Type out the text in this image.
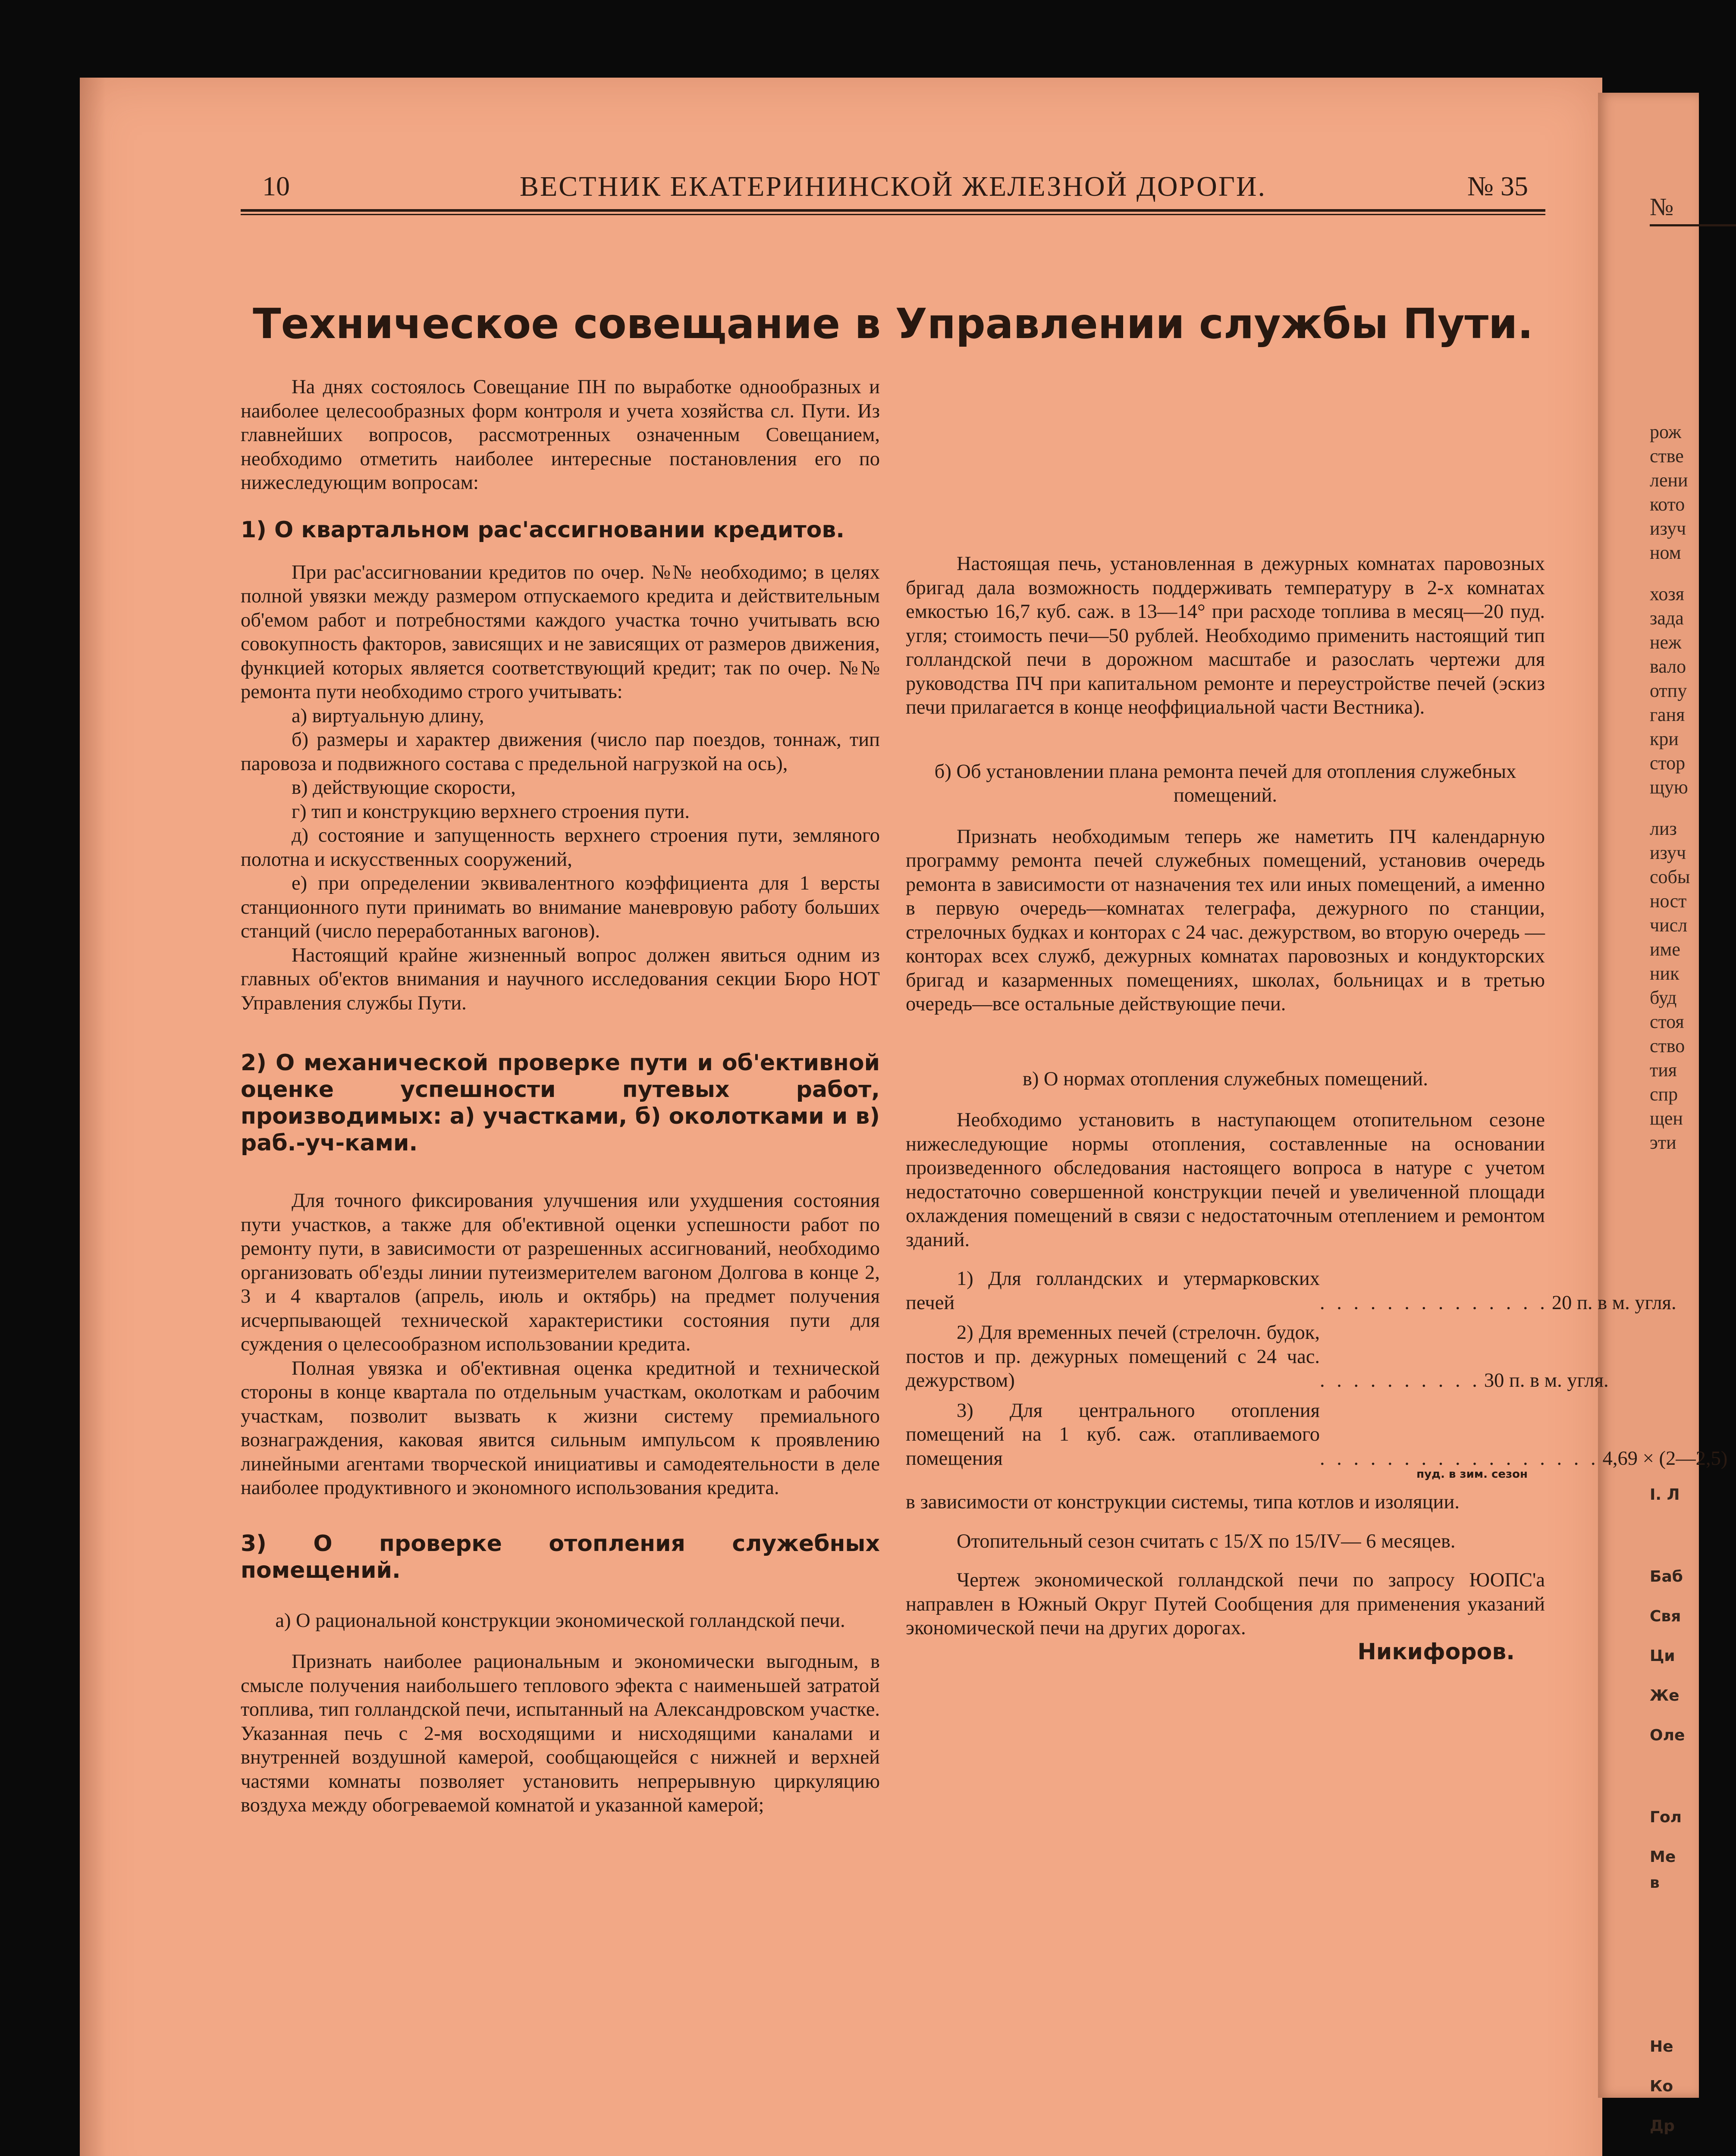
№
рож
стве
лени
кото
изуч
ном
хозя
зада
неж
вало
отпу
ганя
кри
стор
щую
лиз
изуч
собы
ност
числ
име
ник
буд
стоя
ство
тия
спр
щен
эти
I. Л
Баб
Свя
Ци
Же
Оле
Гол
Ме
в
Не
Ко
Др
10	ВЕСТНИК ЕКАТЕРИНИНСКОЙ ЖЕЛЕЗНОЙ ДОРОГИ.	№ 35
Техническое совещание в Управлении службы Пути.

На днях состоялось Совещание ПН по выработке однообразных и наиболее целесообразных форм контроля и учета хозяйства сл. Пути. Из главнейших вопросов, рассмотренных означенным Совещанием, необходимо отметить наиболее интересные постановления его по нижеследующим вопросам:

1) О квартальном рас'ассигновании кредитов.

При рас'ассигновании кредитов по очер. №№ необходимо; в целях полной увязки между размером отпускаемого кредита и действительным об'емом работ и потребностями каждого участка точно учитывать всю совокупность факторов, зависящих и не зависящих от размеров движения, функцией которых является соответствующий кредит; так по очер. №№ ремонта пути необходимо строго учитывать:

а) виртуальную длину,

б) размеры и характер движения (число пар поездов, тоннаж, тип паровоза и подвижного состава с предельной нагрузкой на ось),

в) действующие скорости,

г) тип и конструкцию верхнего строения пути.

д) состояние и запущенность верхнего строения пути, земляного полотна и искусственных сооружений,

е) при определении эквивалентного коэффициента для 1 версты станционного пути принимать во внимание маневровую работу больших станций (число переработанных вагонов).

Настоящий крайне жизненный вопрос должен явиться одним из главных об'ектов внимания и научного исследования секции Бюро НОТ Управления службы Пути.

2) О механической проверке пути и об'ективной оценке успешности путевых работ, производимых: а) участками, б) околотками и в) раб.-уч-ками.

Для точного фиксирования улучшения или ухудшения состояния пути участков, а также для об'ективной оценки успешности работ по ремонту пути, в зависимости от разрешенных ассигнований, необходимо организовать об'езды линии путеизмерителем вагоном Долгова в конце 2, 3 и 4 кварталов (апрель, июль и октябрь) на предмет получения исчерпывающей технической характеристики состояния пути для суждения о целесообразном использовании кредита.

Полная увязка и об'ективная оценка кредитной и технической стороны в конце квартала по отдельным участкам, околоткам и рабочим участкам, позволит вызвать к жизни систему премиального вознаграждения, каковая явится сильным импульсом к проявлению линейными агентами творческой инициативы и самодеятельности в деле наиболее продуктивного и экономного использования кредита.

3) О проверке отопления служебных помещений.

а) О рациональной конструкции экономической голландской печи.

Признать наиболее рациональным и экономически выгодным, в смысле получения наибольшего теплового эфекта с наименьшей затратой топлива, тип голландской печи, испытанный на Александровском участке. Указанная печь с 2-мя восходящими и нисходящими каналами и внутренней воздушной камерой, сообщающейся с нижней и верхней частями комнаты позволяет установить непрерывную циркуляцию воздуха между обогреваемой комнатой и указанной камерой;

Настоящая печь, установленная в дежурных комнатах паровозных бригад дала возможность поддерживать температуру в 2-х комнатах емкостью 16,7 куб. саж. в 13—14° при расходе топлива в месяц—20 пуд. угля; стоимость печи—50 рублей. Необходимо применить настоящий тип голландской печи в дорожном масштабе и разослать чертежи для руководства ПЧ при капитальном ремонте и переустройстве печей (эскиз печи прилагается в конце неоффициальной части Вестника).

б) Об установлении плана ремонта печей для отопления служебных помещений.

Признать необходимым теперь же наметить ПЧ календарную программу ремонта печей служебных помещений, установив очередь ремонта в зависимости от назначения тех или иных помещений, а именно в первую очередь—комнатах телеграфа, дежурного по станции, стрелочных будках и конторах с 24 час. дежурством, во вторую очередь — конторах всех служб, дежурных комнатах паровозных и кондукторских бригад и казарменных помещениях, школах, больницах и в третью очередь—все остальные действующие печи.

в) О нормах отопления служебных помещений.

Необходимо установить в наступающем отопительном сезоне нижеследующие нормы отопления, составленные на основании произведенного обследования настоящего вопроса в натуре с учетом недостаточно совершенной конструкции печей и увеличенной площади охлаждения помещений в связи с недостаточным отеплением и ремонтом зданий.

1) Для голландских и утермарковских печей	. . . . . . . . . . . . . . 20 п. в м. угля.
2) Для временных печей (стрелочн. будок, постов и пр. дежурных помещений с 24 час. дежурством)	. . . . . . . . . . 30 п. в м. угля.
3) Для центрального отопления помещений на 1 куб. саж. отапливаемого помещения	. . . . . . . . . . . . . . . . . 4,69 × (2—2,5)
пуд. в зим. сезон

в зависимости от конструкции системы, типа котлов и изоляции.

Отопительный сезон считать с 15/X по 15/IV— 6 месяцев.

Чертеж экономической голландской печи по запросу ЮОПС'а направлен в Южный Округ Путей Сообщения для применения указаний экономической печи на других дорогах.

Никифоров.
